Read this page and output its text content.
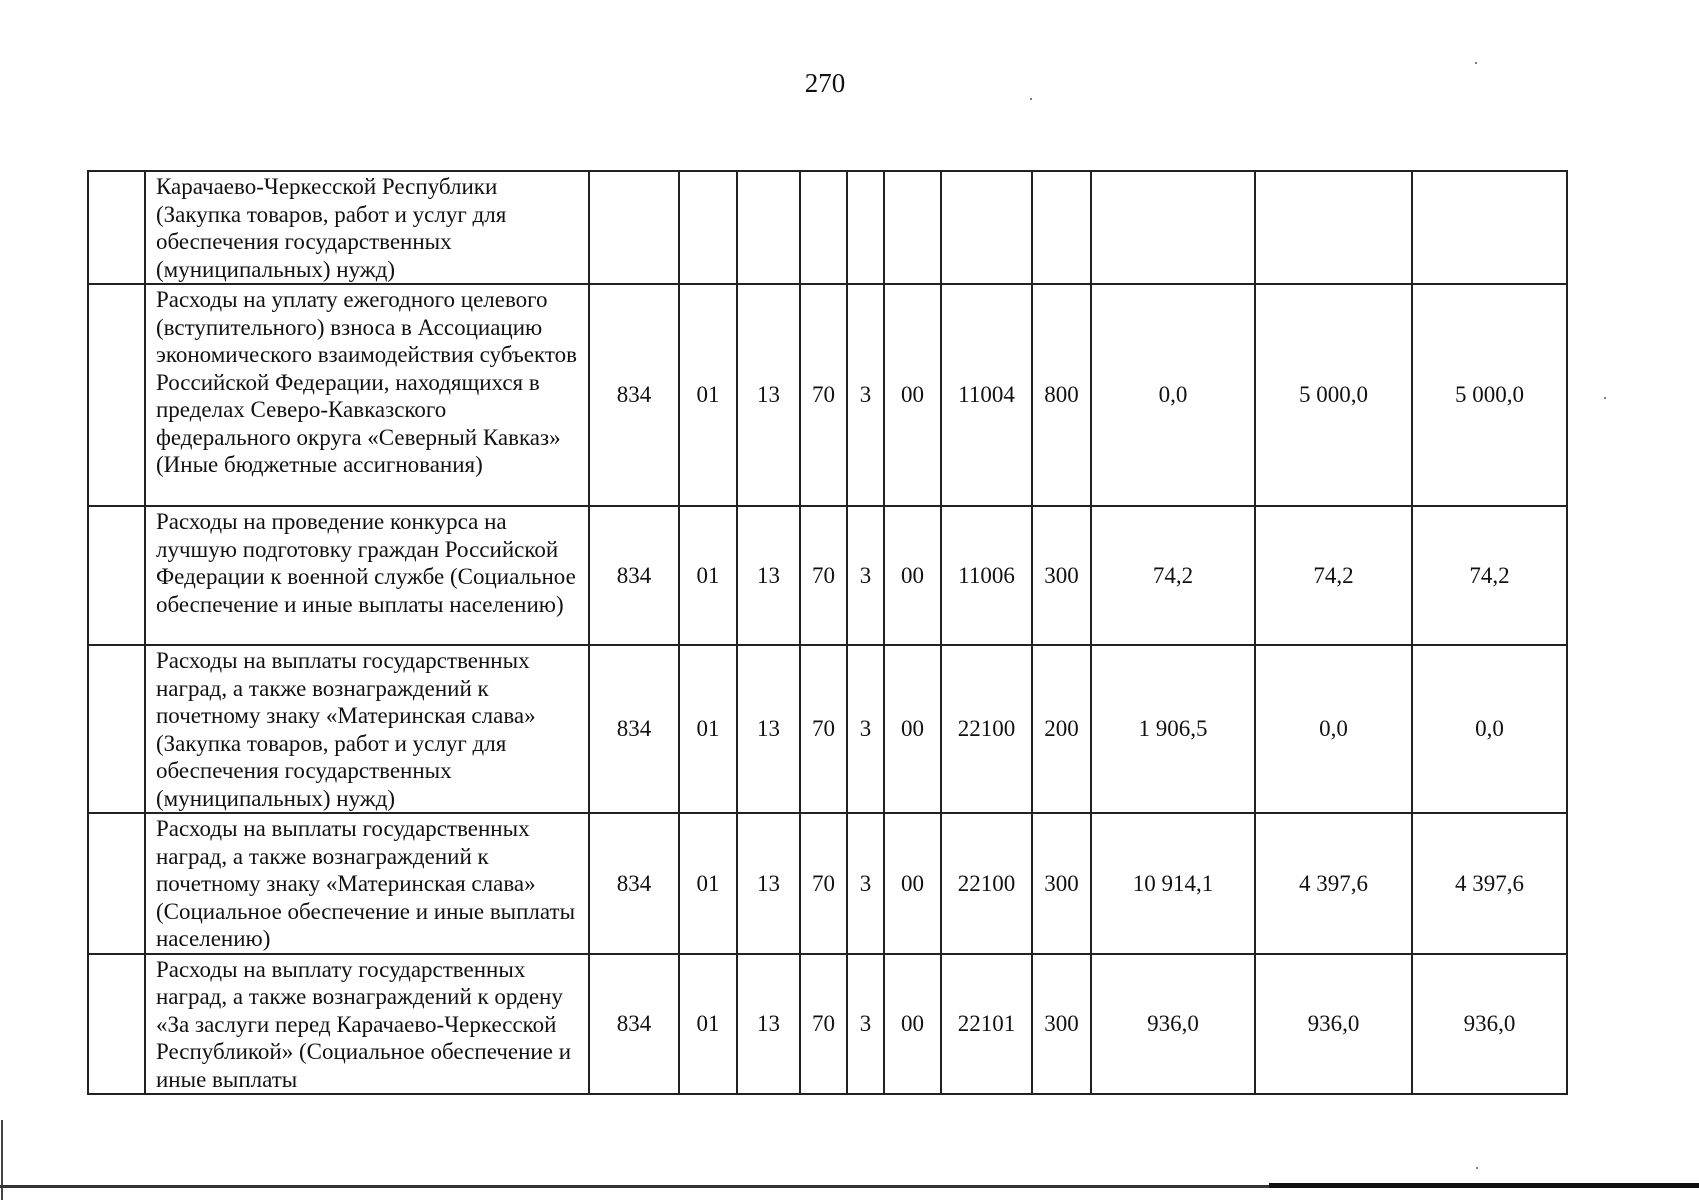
270
	Карачаево-Черкесской Республики (Закупка товаров, работ и услуг для обеспечения государственных (муниципальных) нужд)											
	Расходы на уплату ежегодного целевого (вступительного) взноса в Ассоциацию экономического взаимодействия субъектов Российской Федерации, находящихся в пределах Северо-Кавказского федерального округа «Северный Кавказ» (Иные бюджетные ассигнования)	834	01	13	70	3	00	11004	800	0,0	5 000,0	5 000,0
	Расходы на проведение конкурса на лучшую подготовку граждан Российской Федерации к военной службе (Социальное обеспечение и иные выплаты населению)	834	01	13	70	3	00	11006	300	74,2	74,2	74,2
	Расходы на выплаты государственных наград, а также вознаграждений к почетному знаку «Материнская слава» (Закупка товаров, работ и услуг для обеспечения государственных (муниципальных) нужд)	834	01	13	70	3	00	22100	200	1 906,5	0,0	0,0
	Расходы на выплаты государственных наград, а также вознаграждений к почетному знаку «Материнская слава» (Социальное обеспечение и иные выплаты населению)	834	01	13	70	3	00	22100	300	10 914,1	4 397,6	4 397,6
	Расходы на выплату государственных наград, а также вознаграждений к ордену «За заслуги перед Карачаево-Черкесской Республикой» (Социальное обеспечение и иные выплаты	834	01	13	70	3	00	22101	300	936,0	936,0	936,0
